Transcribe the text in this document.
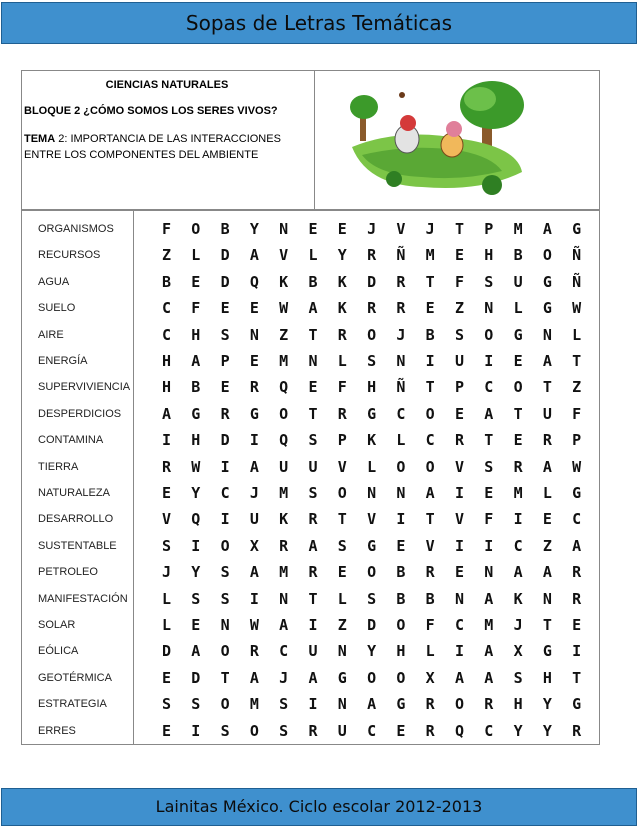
Sopas de Letras Temáticas
CIENCIAS NATURALES
BLOQUE 2 ¿CÓMO SOMOS LOS SERES VIVOS?
TEMA 2: IMPORTANCIA DE LAS INTERACCIONES ENTRE LOS COMPONENTES DEL AMBIENTE
ORGANISMOS
RECURSOS
AGUA
SUELO
AIRE
ENERGÍA
SUPERVIVIENCIA
DESPERDICIOS
CONTAMINA
TIERRA
NATURALEZA
DESARROLLO
SUSTENTABLE
PETROLEO
MANIFESTACIÓN
SOLAR
EÓLICA
GEOTÉRMICA
ESTRATEGIA
ERRES
F	O	B	Y	N	E	E	J	V	J	T	P	M	A	G
Z	L	D	A	V	L	Y	R	Ñ	M	E	H	B	O	Ñ
B	E	D	Q	K	B	K	D	R	T	F	S	U	G	Ñ
C	F	E	E	W	A	K	R	R	E	Z	N	L	G	W
C	H	S	N	Z	T	R	O	J	B	S	O	G	N	L
H	A	P	E	M	N	L	S	N	I	U	I	E	A	T
H	B	E	R	Q	E	F	H	Ñ	T	P	C	O	T	Z
A	G	R	G	O	T	R	G	C	O	E	A	T	U	F
I	H	D	I	Q	S	P	K	L	C	R	T	E	R	P
R	W	I	A	U	U	V	L	O	O	V	S	R	A	W
E	Y	C	J	M	S	O	N	N	A	I	E	M	L	G
V	Q	I	U	K	R	T	V	I	T	V	F	I	E	C
S	I	O	X	R	A	S	G	E	V	I	I	C	Z	A
J	Y	S	A	M	R	E	O	B	R	E	N	A	A	R
L	S	S	I	N	T	L	S	B	B	N	A	K	N	R
L	E	N	W	A	I	Z	D	O	F	C	M	J	T	E
D	A	O	R	C	U	N	Y	H	L	I	A	X	G	I
E	D	T	A	J	A	G	O	O	X	A	A	S	H	T
S	S	O	M	S	I	N	A	G	R	O	R	H	Y	G
E	I	S	O	S	R	U	C	E	R	Q	C	Y	Y	R
Lainitas México. Ciclo escolar 2012-2013
